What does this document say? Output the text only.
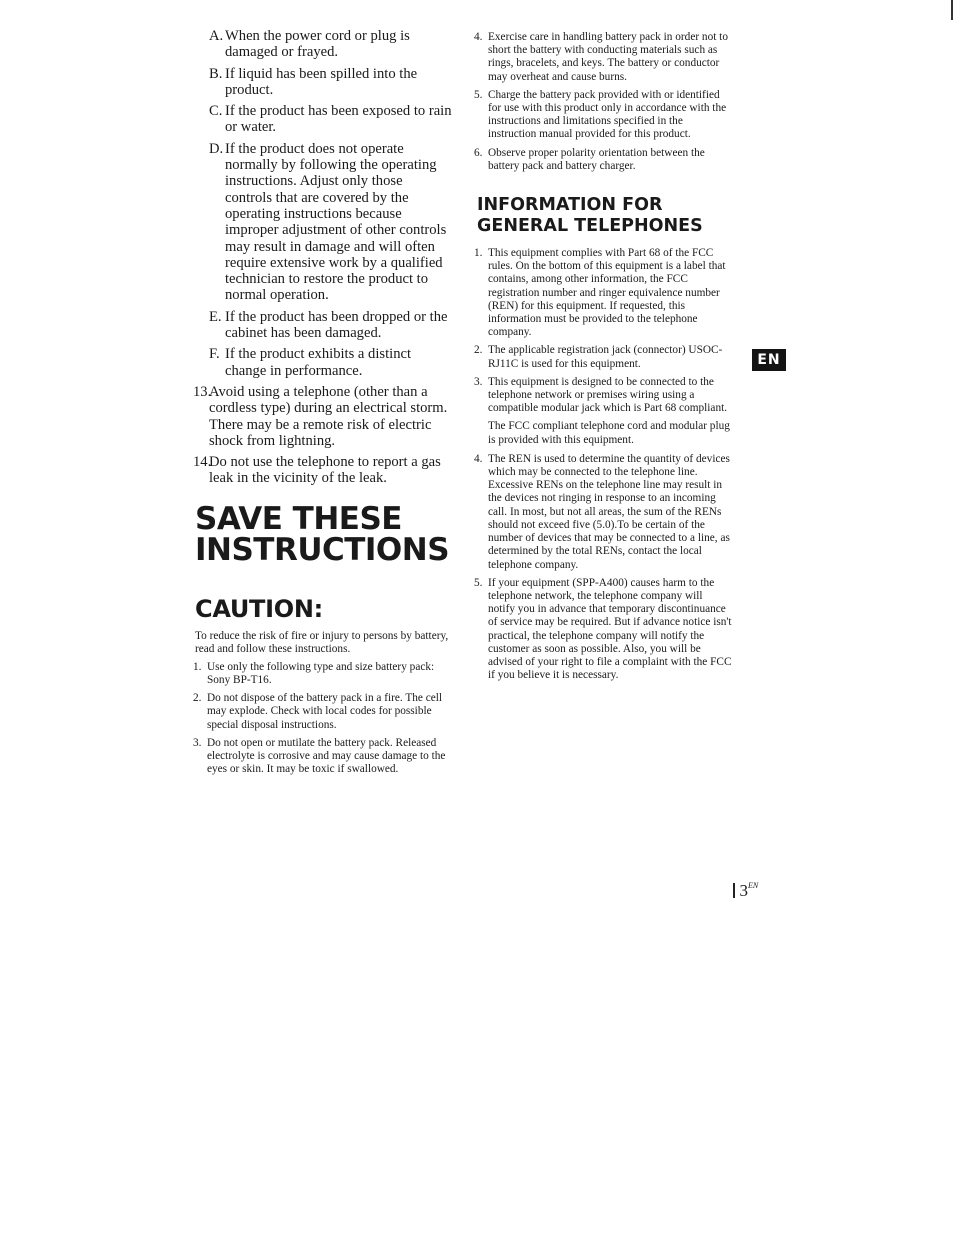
A. When the power cord or plug is damaged or frayed.
B. If liquid has been spilled into the product.
C. If the product has been exposed to rain or water.
D. If the product does not operate normally by following the operating instructions. Adjust only those controls that are covered by the operating instructions because improper adjustment of other controls may result in damage and will often require extensive work by a qualified technician to restore the product to normal operation.
E. If the product has been dropped or the cabinet has been damaged.
F. If the product exhibits a distinct change in performance.
13.
Avoid using a telephone (other than a cordless type) during an electrical storm. There may be a remote risk of electric shock from lightning.
14.
Do not use the telephone to report a gas leak in the vicinity of the leak.
SAVE THESE
INSTRUCTIONS
CAUTION:
To reduce the risk of fire or injury to persons by battery, read and follow these instructions.
1. Use only the following type and size battery pack: Sony BP-T16.
2. Do not dispose of the battery pack in a fire. The cell may explode. Check with local codes for possible special disposal instructions.
3. Do not open or mutilate the battery pack. Released electrolyte is corrosive and may cause damage to the eyes or skin. It may be toxic if swallowed.
4. Exercise care in handling battery pack in order not to short the battery with conducting materials such as rings, bracelets, and keys. The battery or conductor may overheat and cause burns.
5. Charge the battery pack provided with or identified for use with this product only in accordance with the instructions and limitations specified in the instruction manual provided for this product.
6. Observe proper polarity orientation between the battery pack and battery charger.
INFORMATION FOR
GENERAL TELEPHONES
1. This equipment complies with Part 68 of the FCC rules. On the bottom of this equipment is a label that contains, among other information, the FCC registration number and ringer equivalence number (REN) for this equipment. If requested, this information must be provided to the telephone company.
2. The applicable registration jack (connector) USOC-RJ11C is used for this equipment.
3. This equipment is designed to be connected to the telephone network or premises wiring using a compatible modular jack which is Part 68 compliant.
The FCC compliant telephone cord and modular plug is provided with this equipment.
4. The REN is used to determine the quantity of devices which may be connected to the telephone line. Excessive RENs on the telephone line may result in the devices not ringing in response to an incoming call. In most, but not all areas, the sum of the RENs should not exceed five (5.0).To be certain of the number of devices that may be connected to a line, as determined by the total RENs, contact the local telephone company.
5. If your equipment (SPP-A400) causes harm to the telephone network, the telephone company will notify you in advance that temporary discontinuance of service may be required. But if advance notice isn't practical, the telephone company will notify the customer as soon as possible. Also, you will be advised of your right to file a complaint with the FCC if you believe it is necessary.
EN
$3^{EN}$
